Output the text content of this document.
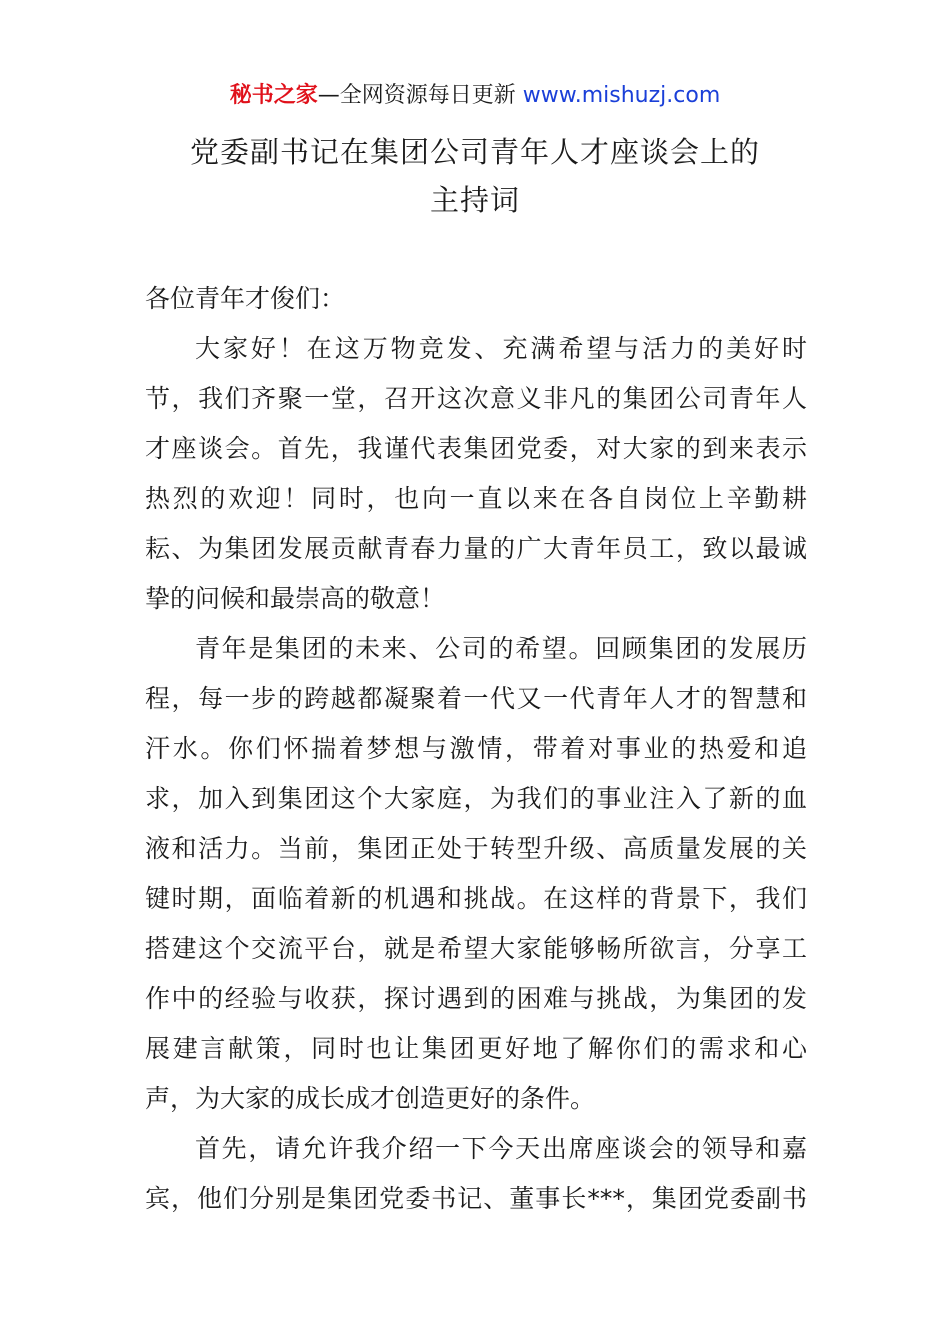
秘书之家—全网资源每日更新 www.mishuzj.com
党委副书记在集团公司青年人才座谈会上的
主持词

各位青年才俊们：

大家好！在这万物竞发、充满希望与活力的美好时
节，我们齐聚一堂，召开这次意义非凡的集团公司青年人
才座谈会。首先，我谨代表集团党委，对大家的到来表示
热烈的欢迎！同时，也向一直以来在各自岗位上辛勤耕
耘、为集团发展贡献青春力量的广大青年员工，致以最诚
挚的问候和最崇高的敬意！

青年是集团的未来、公司的希望。回顾集团的发展历
程，每一步的跨越都凝聚着一代又一代青年人才的智慧和
汗水。你们怀揣着梦想与激情，带着对事业的热爱和追
求，加入到集团这个大家庭，为我们的事业注入了新的血
液和活力。当前，集团正处于转型升级、高质量发展的关
键时期，面临着新的机遇和挑战。在这样的背景下，我们
搭建这个交流平台，就是希望大家能够畅所欲言，分享工
作中的经验与收获，探讨遇到的困难与挑战，为集团的发
展建言献策，同时也让集团更好地了解你们的需求和心
声，为大家的成长成才创造更好的条件。

首先，请允许我介绍一下今天出席座谈会的领导和嘉
宾，他们分别是集团党委书记、董事长***，集团党委副书
